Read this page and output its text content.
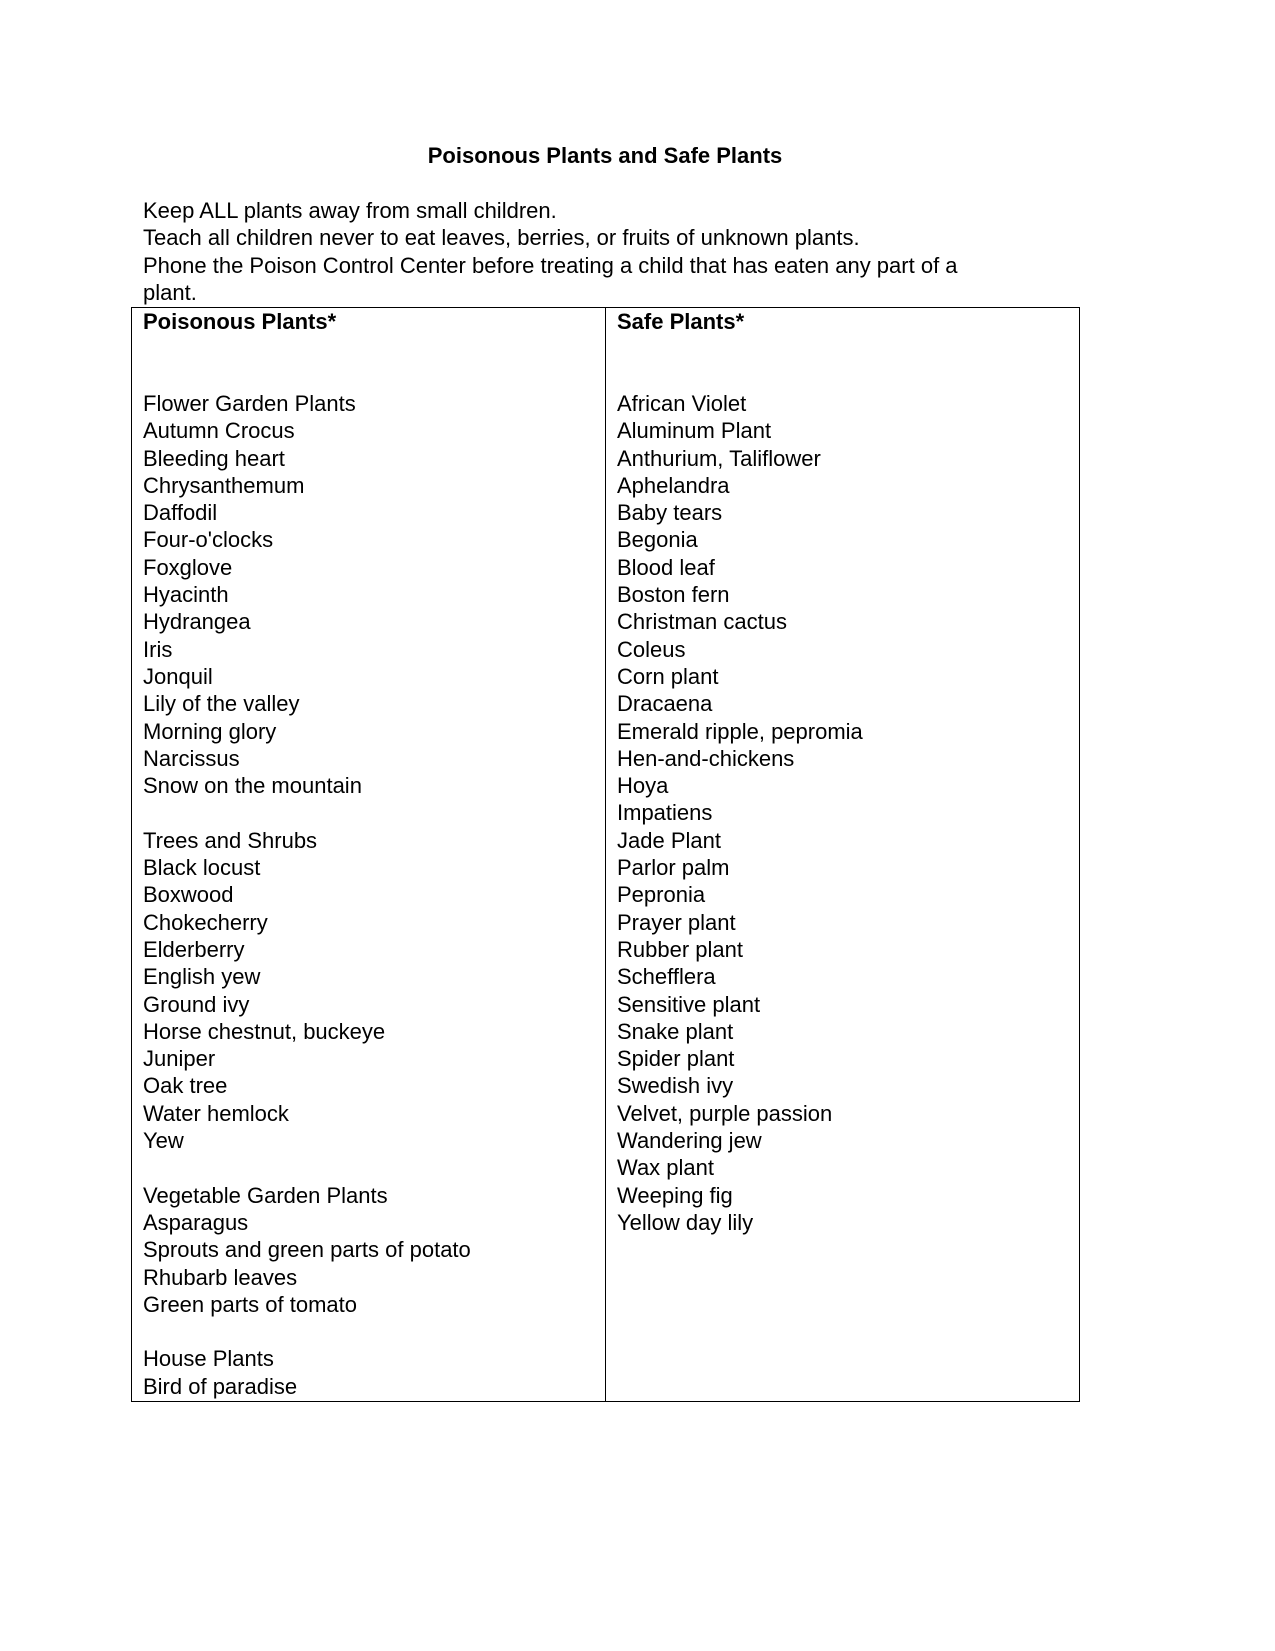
Poisonous Plants and Safe Plants
Keep ALL plants away from small children.
Teach all children never to eat leaves, berries, or fruits of unknown plants.
Phone the Poison Control Center before treating a child that has eaten any part of a
plant.
Poisonous Plants*
Flower Garden Plants
Autumn Crocus
Bleeding heart
Chrysanthemum
Daffodil
Four-o'clocks
Foxglove
Hyacinth
Hydrangea
Iris
Jonquil
Lily of the valley
Morning glory
Narcissus
Snow on the mountain
Trees and Shrubs
Black locust
Boxwood
Chokecherry
Elderberry
English yew
Ground ivy
Horse chestnut, buckeye
Juniper
Oak tree
Water hemlock
Yew
Vegetable Garden Plants
Asparagus
Sprouts and green parts of potato
Rhubarb leaves
Green parts of tomato
House Plants
Bird of paradise
Safe Plants*
African Violet
Aluminum Plant
Anthurium, Taliflower
Aphelandra
Baby tears
Begonia
Blood leaf
Boston fern
Christman cactus
Coleus
Corn plant
Dracaena
Emerald ripple, pepromia
Hen-and-chickens
Hoya
Impatiens
Jade Plant
Parlor palm
Pepronia
Prayer plant
Rubber plant
Schefflera
Sensitive plant
Snake plant
Spider plant
Swedish ivy
Velvet, purple passion
Wandering jew
Wax plant
Weeping fig
Yellow day lily
